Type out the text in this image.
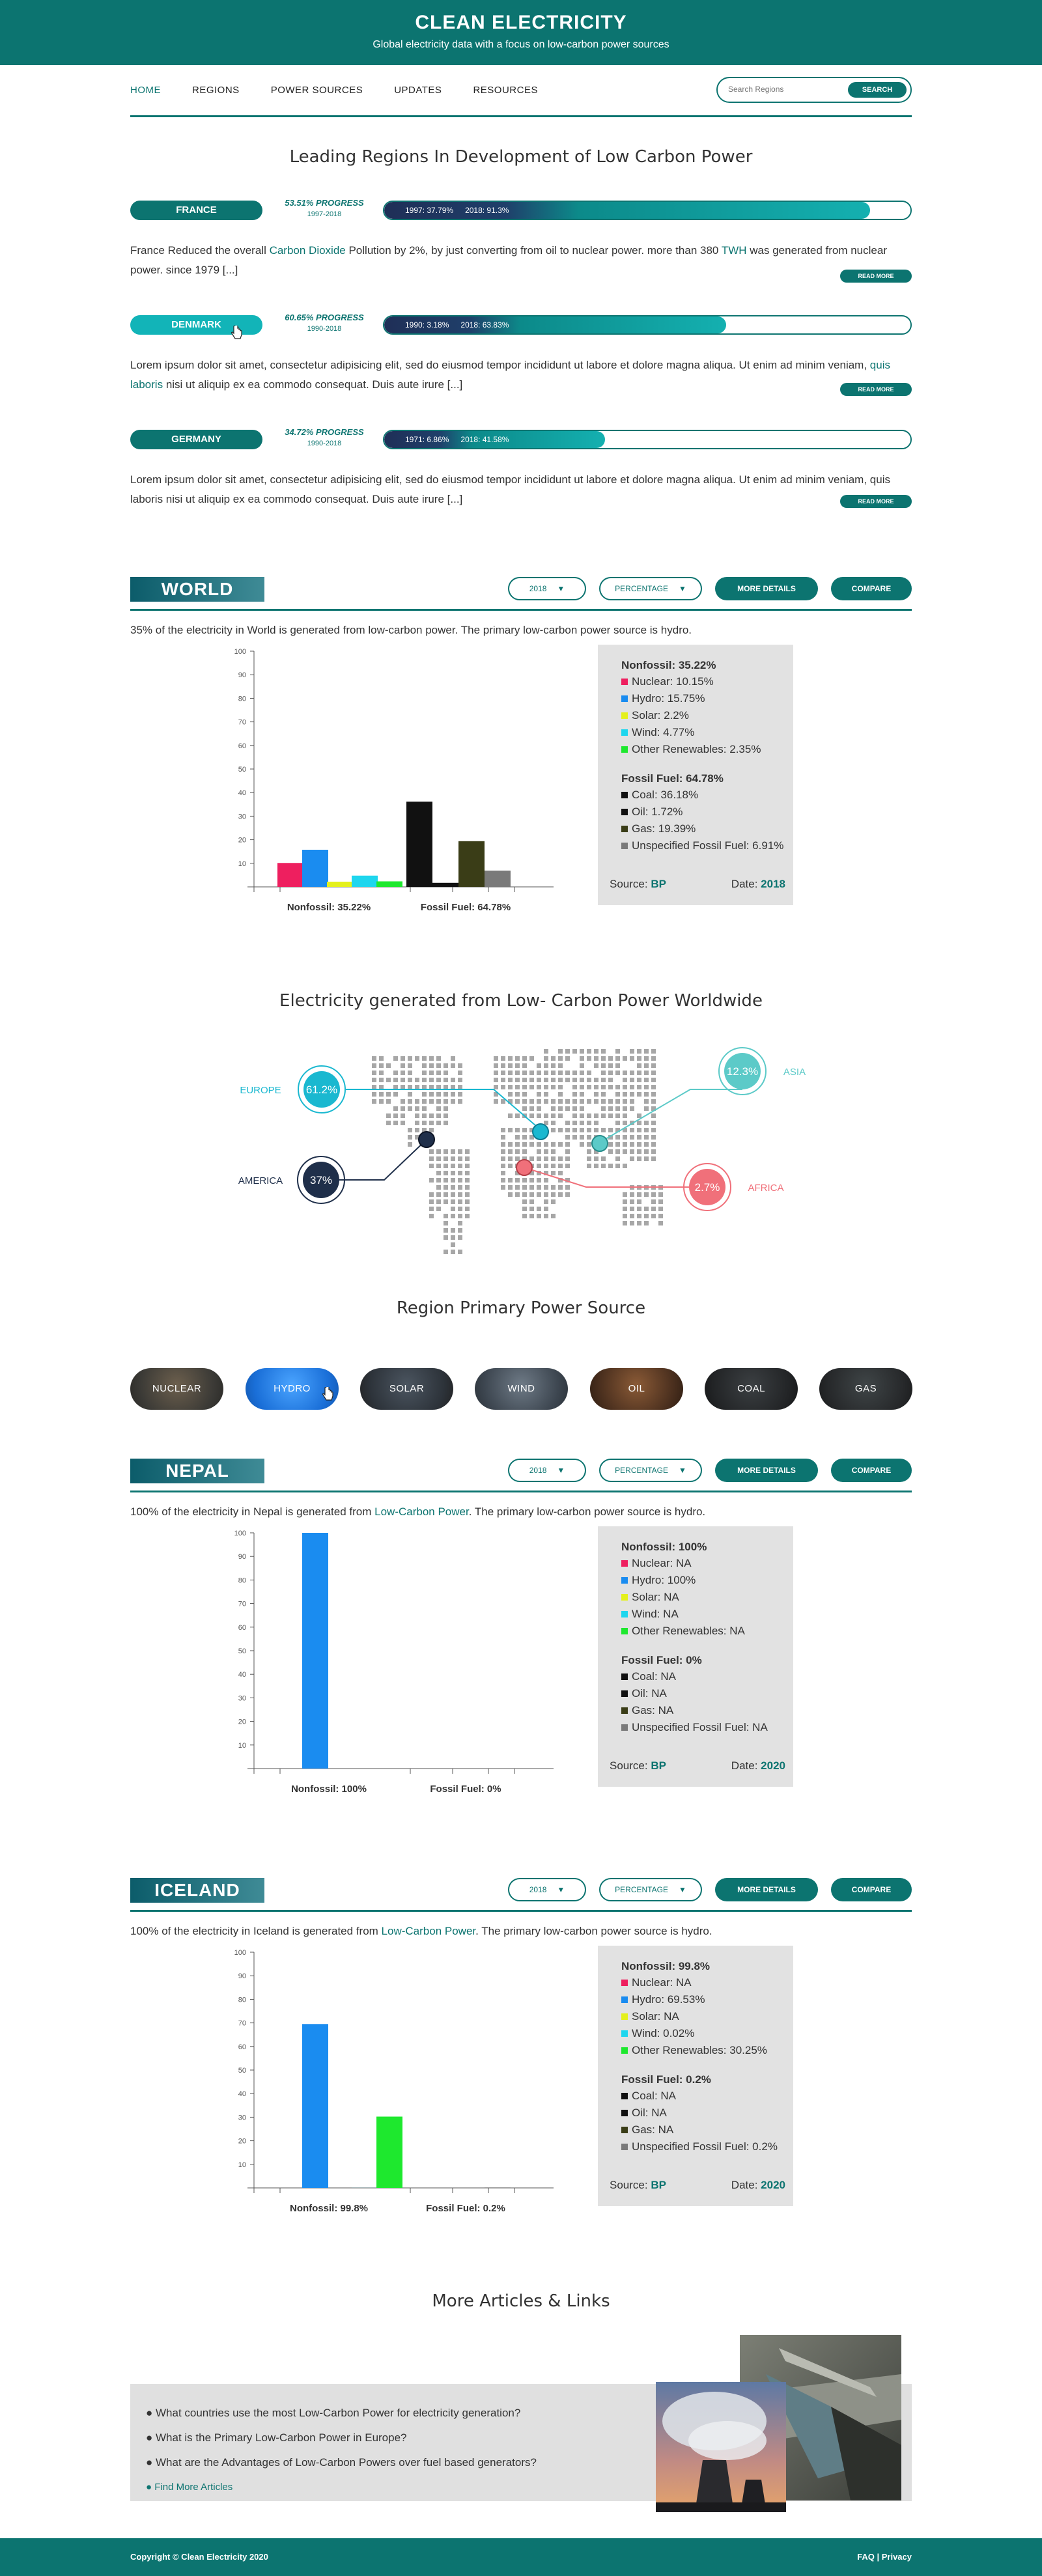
CLEAN ELECTRICITY

Global electricity data with a focus on low-carbon power sources

HOME	REGIONS	POWER SOURCES	UPDATES	RESOURCES
Search Regions	SEARCH
Leading Regions In Development of Low Carbon Power
FRANCE
53.51% PROGRESS
1997-2018	1997: 37.79% 2018: 91.3%
France Reduced the overall Carbon Dioxide Pollution by 2%, by just converting from oil to nuclear power. more than 380 TWH was generated from nuclear power. since 1979 [...]	READ MORE
DENMARK
60.65% PROGRESS
1990-2018	1990: 3.18% 2018: 63.83%
Lorem ipsum dolor sit amet, consectetur adipisicing elit, sed do eiusmod tempor incididunt ut labore et dolore magna aliqua. Ut enim ad minim veniam, quis laboris nisi ut aliquip ex ea commodo consequat. Duis aute irure [...]	READ MORE
GERMANY
34.72% PROGRESS
1990-2018	1971: 6.86% 2018: 41.58%
Lorem ipsum dolor sit amet, consectetur adipisicing elit, sed do eiusmod tempor incididunt ut labore et dolore magna aliqua. Ut enim ad minim veniam, quis laboris nisi ut aliquip ex ea commodo consequat. Duis aute irure [...]	READ MORE
WORLD	2018 ▼	PERCENTAGE ▼	MORE DETAILS	COMPARE
35% of the electricity in World is generated from low-carbon power. The primary low-carbon power source is hydro.
10
20
30
40
50
60
70
80
90
100
Nonfossil: 35.22%	Fossil Fuel: 64.78%
Nonfossil: 35.22%
Nuclear: 10.15%
Hydro: 15.75%
Solar: 2.2%
Wind: 4.77%
Other Renewables: 2.35%
Fossil Fuel: 64.78%
Coal: 36.18%
Oil: 1.72%
Gas: 19.39%
Unspecified Fossil Fuel: 6.91%
Source: BP	Date: 2018
Electricity generated from Low- Carbon Power Worldwide
61.2%
EUROPE
12.3%	ASIA
37%
AMERICA
2.7%	AFRICA
Region Primary Power Source
NUCLEAR	HYDRO	SOLAR	WIND	OIL	COAL	GAS
NEPAL	2018 ▼	PERCENTAGE ▼	MORE DETAILS	COMPARE
100% of the electricity in Nepal is generated from Low-Carbon Power. The primary low-carbon power source is hydro.
10
20
30
40
50
60
70
80
90
100
Nonfossil: 100%	Fossil Fuel: 0%
Nonfossil: 100%
Nuclear: NA
Hydro: 100%
Solar: NA
Wind: NA
Other Renewables: NA
Fossil Fuel: 0%
Coal: NA
Oil: NA
Gas: NA
Unspecified Fossil Fuel: NA
Source: BP	Date: 2020
ICELAND	2018 ▼	PERCENTAGE ▼	MORE DETAILS	COMPARE
100% of the electricity in Iceland is generated from Low-Carbon Power. The primary low-carbon power source is hydro.
10
20
30
40
50
60
70
80
90
100
Nonfossil: 99.8%	Fossil Fuel: 0.2%
Nonfossil: 99.8%
Nuclear: NA
Hydro: 69.53%
Solar: NA
Wind: 0.02%
Other Renewables: 30.25%
Fossil Fuel: 0.2%
Coal: NA
Oil: NA
Gas: NA
Unspecified Fossil Fuel: 0.2%
Source: BP	Date: 2020
More Articles & Links
● What countries use the most Low-Carbon Power for electricity generation?
● What is the Primary Low-Carbon Power in Europe?
● What are the Advantages of Low-Carbon Powers over fuel based generators?
● Find More Articles
Copyright © Clean Electricity 2020	FAQ | Privacy
